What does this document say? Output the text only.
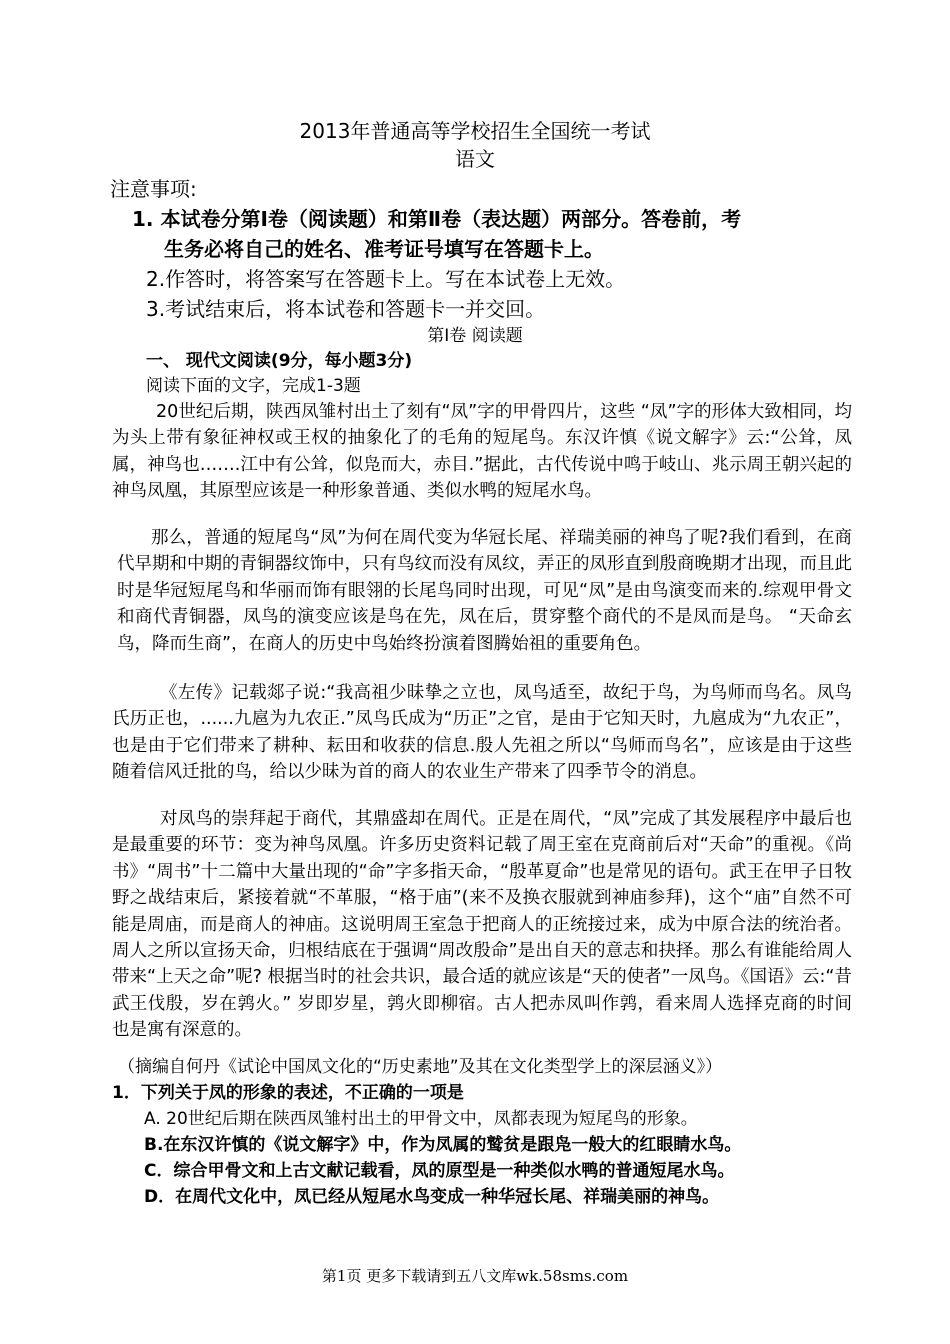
2013年普通高等学校招生全国统一考试
语文
注意事项:
1. 本试卷分第Ⅰ卷（阅读题）和第Ⅱ卷（表达题）两部分。答卷前，考
生务必将自己的姓名、准考证号填写在答题卡上。
2.作答时，将答案写在答题卡上。写在本试卷上无效。
3.考试结束后，将本试卷和答题卡一并交回。
第Ⅰ卷 阅读题
一、 现代文阅读(9分，每小题3分)
阅读下面的文字，完成1-3题

20世纪后期，陕西凤雏村出土了刻有“凤”字的甲骨四片，这些 “凤”字的形体大致相同，均为头上带有象征神权或王权的抽象化了的毛角的短尾鸟。东汉许慎《说文解字》云:“公耸，凤属，神鸟也…….江中有公耸，似凫而大，赤目.”据此，古代传说中鸣于岐山、兆示周王朝兴起的神鸟凤凰，其原型应该是一种形象普通、类似水鸭的短尾水鸟。

那么，普通的短尾鸟“凤”为何在周代变为华冠长尾、祥瑞美丽的神鸟了呢?我们看到，在商代早期和中期的青铜器纹饰中，只有鸟纹而没有凤纹，弄正的凤形直到殷商晚期才出现，而且此时是华冠短尾鸟和华丽而饰有眼翎的长尾鸟同时出现，可见“凤”是由鸟演变而来的.综观甲骨文和商代青铜器，凤鸟的演变应该是鸟在先，凤在后，贯穿整个商代的不是凤而是鸟。 “天命玄鸟，降而生商”，在商人的历史中鸟始终扮演着图腾始祖的重要角色。

《左传》记载郯子说:“我高祖少昧挚之立也，凤鸟适至，故纪于鸟，为鸟师而鸟名。凤鸟氏历正也，......九扈为九农正.”凤鸟氏成为“历正”之官，是由于它知天时，九扈成为“九农正”，也是由于它们带来了耕种、耘田和收获的信息.殷人先祖之所以“鸟师而鸟名”，应该是由于这些随着信风迁批的鸟，给以少昧为首的商人的农业生产带来了四季节令的消息。

对凤鸟的崇拜起于商代，其鼎盛却在周代。正是在周代，“凤”完成了其发展程序中最后也是最重要的环节：变为神鸟凤凰。许多历史资料记载了周王室在克商前后对“天命”的重视。《尚书》“周书”十二篇中大量出现的“命”字多指天命，“殷革夏命”也是常见的语句。武王在甲子日牧野之战结束后，紧接着就“不革服，“格于庙”(来不及换衣服就到神庙参拜)，这个“庙”自然不可能是周庙，而是商人的神庙。这说明周王室急于把商人的正统接过来，成为中原合法的统治者。周人之所以宣扬天命，归根结底在于强调“周改殷命”是出自天的意志和抉择。那么有谁能给周人带来“上天之命”呢? 根据当时的社会共识，最合适的就应该是“天的使者”一凤鸟。《国语》云:“昔武王伐殷，岁在鹑火。” 岁即岁星，鹑火即柳宿。古人把赤凤叫作鹑，看来周人选择克商的时间也是寓有深意的。

（摘编自何丹《试论中国凤文化的“历史素地”及其在文化类型学上的深层涵义》）
1．下列关于凤的形象的表述，不正确的一项是
A. 20世纪后期在陕西凤雏村出土的甲骨文中，凤都表现为短尾鸟的形象。
B.在东汉许慎的《说文解字》中，作为凤属的鹫贫是跟凫一般大的红眼睛水鸟。
C．综合甲骨文和上古文献记载看，凤的原型是一种类似水鸭的普通短尾水鸟。
D．在周代文化中，凤已经从短尾水鸟变成一种华冠长尾、祥瑞美丽的神鸟。
第1页 更多下载请到五八文库wk.58sms.com
